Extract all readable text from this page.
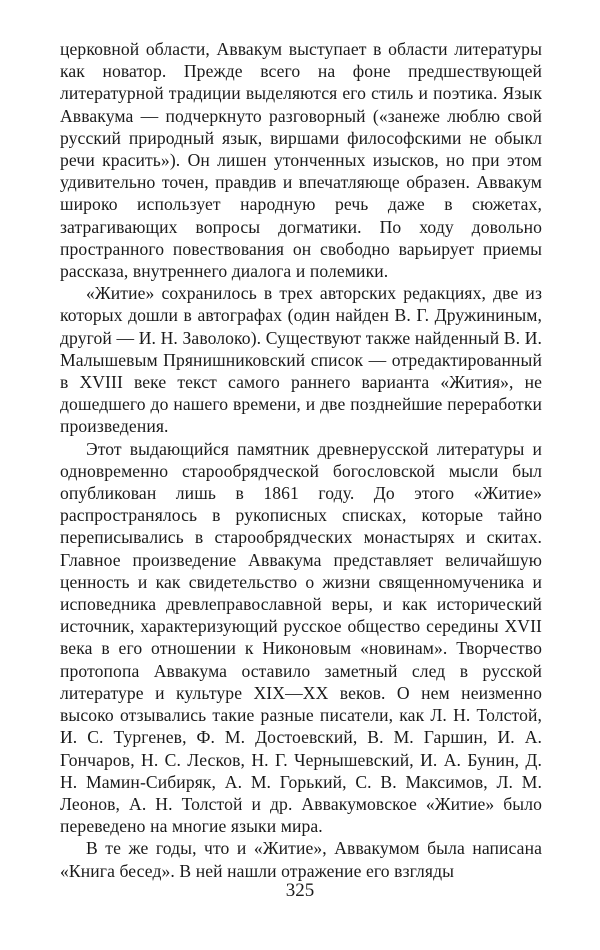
церковной области, Аввакум выступает в области литературы как новатор. Прежде всего на фоне предшествующей литературной традиции выделяются его стиль и поэтика. Язык Аввакума — подчеркнуто разговорный («занеже люблю свой русский природный язык, виршами философскими не обыкл речи красить»). Он лишен утонченных изысков, но при этом удивительно точен, правдив и впечатляюще образен. Аввакум широко использует народную речь даже в сюжетах, затрагивающих вопросы догматики. По ходу довольно пространного повествования он свободно варьирует приемы рассказа, внутреннего диалога и полемики.

«Житие» сохранилось в трех авторских редакциях, две из которых дошли в автографах (один найден В. Г. Дружининым, другой — И. Н. Заволоко). Существуют также найденный В. И. Малышевым Прянишниковский список — отредактированный в XVIII веке текст самого раннего варианта «Жития», не дошедшего до нашего времени, и две позднейшие переработки произведения.

Этот выдающийся памятник древнерусской литературы и одновременно старообрядческой богословской мысли был опубликован лишь в 1861 году. До этого «Житие» распространялось в рукописных списках, которые тайно переписывались в старообрядческих монастырях и скитах. Главное произведение Аввакума представляет величайшую ценность и как свидетельство о жизни священномученика и исповедника древлеправославной веры, и как исторический источник, характеризующий русское общество середины XVII века в его отношении к Никоновым «новинам». Творчество протопопа Аввакума оставило заметный след в русской литературе и культуре XIX—XX веков. О нем неизменно высоко отзывались такие разные писатели, как Л. Н. Толстой, И. С. Тургенев, Ф. М. Достоевский, В. М. Гаршин, И. А. Гончаров, Н. С. Лесков, Н. Г. Чернышевский, И. А. Бунин, Д. Н. Мамин-Сибиряк, А. М. Горький, С. В. Максимов, Л. М. Леонов, А. Н. Толстой и др. Аввакумовское «Житие» было переведено на многие языки мира.

В те же годы, что и «Житие», Аввакумом была написана «Книга бесед». В ней нашли отражение его взгляды

325
